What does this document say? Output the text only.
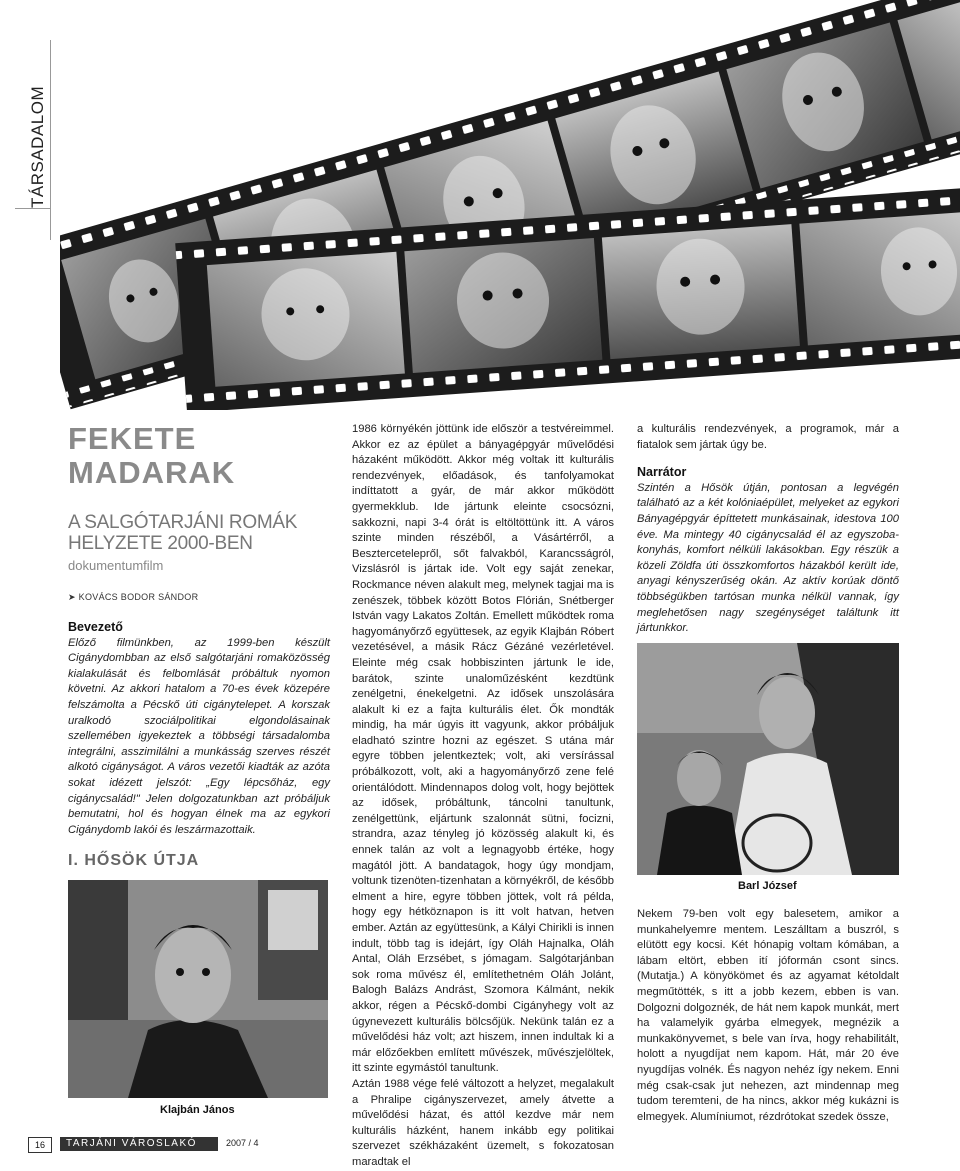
TÁRSADALOM
FEKETE MADARAK
A SALGÓTARJÁNI ROMÁK HELYZETE 2000-BEN
dokumentumfilm
➤ KOVÁCS BODOR SÁNDOR

Bevezető

Előző filmünkben, az 1999-ben készült Cigánydombban az első salgótarjáni romaközösség kialakulását és felbomlását próbáltuk nyomon követni. Az akkori hatalom a 70-es évek közepére felszámolta a Pécskő úti cigánytelepet. A korszak uralkodó szociálpolitikai elgondolásainak szellemében igyekeztek a többségi társadalomba integrálni, asszimilálni a munkásság szerves részét alkotó cigányságot. A város vezetői kiadták az azóta sokat idézett jelszót: „Egy lépcsőház, egy cigánycsalád!" Jelen dolgozatunkban azt próbáljuk bemutatni, hol és hogyan élnek ma az egykori Cigánydomb lakói és leszármazottaik.

I. HŐSÖK ÚTJA
Klajbán János

1986 környékén jöttünk ide először a testvéreimmel. Akkor ez az épület a bányagépgyár művelődési házaként működött. Akkor még voltak itt kulturális rendezvények, előadások, és tanfolyamokat indíttatott a gyár, de már akkor működött gyermekklub. Ide jártunk eleinte csocsózni, sakkozni, napi 3-4 órát is eltöltöttünk itt. A város szinte minden részéből, a Vásártérről, a Besztercetelepről, sőt falvakból, Karancsságról, Vizslásról is jártak ide. Volt egy saját zenekar, Rockmance néven alakult meg, melynek tagjai ma is zenészek, többek között Botos Flórián, Snétberger István vagy Lakatos Zoltán. Emellett működtek roma hagyományőrző együttesek, az egyik Klajbán Róbert vezetésével, a másik Rácz Gézáné vezérletével. Eleinte még csak hobbiszinten jártunk le ide, barátok, szinte unaloműzésként kezdtünk zenélgetni, énekelgetni. Az idősek unszolására alakult ki ez a fajta kulturális élet. Ők mondták mindig, ha már úgyis itt vagyunk, akkor próbáljuk eladható szintre hozni az egészet. S utána már egyre többen jelentkeztek; volt, aki versírással próbálkozott, volt, aki a hagyományőrző zene felé orientálódott. Mindennapos dolog volt, hogy bejöttek az idősek, próbáltunk, táncolni tanultunk, zenélgettünk, eljártunk szalonnát sütni, focizni, strandra, azaz tényleg jó közösség alakult ki, és ennek talán az volt a legnagyobb értéke, hogy magától jött. A bandatagok, hogy úgy mondjam, voltunk tizenöten-tizenhatan a környékről, de később elment a hire, egyre többen jöttek, volt rá példa, hogy egy hétköznapon is itt volt hatvan, hetven ember. Aztán az együttesünk, a Kályi Chirikli is innen indult, több tag is idejárt, így Oláh Hajnalka, Oláh Antal, Oláh Erzsébet, s jómagam. Salgótarjánban sok roma művész él, említethetném Oláh Jolánt, Balogh Balázs Andrást, Szomora Kálmánt, nekik akkor, régen a Pécskő-dombi Cigányhegy volt az úgynevezett kulturális bölcsőjük. Nekünk talán ez a művelődési ház volt; azt hiszem, innen indultak ki a már előzőekben említett művészek, művészjelöltek, itt szinte egymástól tanultunk.

Aztán 1988 vége felé változott a helyzet, megalakult a Phralipe cigányszervezet, amely átvette a művelődési házat, és attól kezdve már nem kulturális házként, hanem inkább egy politikai szervezet székházaként üzemelt, s fokozatosan maradtak el

a kulturális rendezvények, a programok, már a fiatalok sem jártak úgy be.

Narrátor

Szintén a Hősök útján, pontosan a legvégén található az a két kolóniaépület, melyeket az egykori Bányagépgyár építtetett munkásainak, idestova 100 éve. Ma mintegy 40 cigánycsalád él az egyszoba-konyhás, komfort nélküli lakásokban. Egy részük a közeli Zöldfa úti összkomfortos házakból került ide, anyagi kényszerűség okán. Az aktív korúak döntő többségükben tartósan munka nélkül vannak, így meglehetősen nagy szegénységet találtunk itt jártunkkor.

Barl József

Nekem 79-ben volt egy balesetem, amikor a munkahelyemre mentem. Leszálltam a buszról, s elütött egy kocsi. Két hónapig voltam kómában, a lábam eltört, ebben ití jóformán csont sincs. (Mutatja.) A könyökömet és az agyamat kétoldalt megműtötték, s itt a jobb kezem, ebben is van. Dolgozni dolgoznék, de hát nem kapok munkát, mert ha valamelyik gyárba elmegyek, megnézik a munkakönyvemet, s bele van írva, hogy rehabilitált, holott a nyugdíjat nem kapom. Hát, már 20 éve nyugdíjas volnék. És nagyon nehéz így nekem. Enni még csak-csak jut nehezen, azt mindennap meg tudom teremteni, de ha nincs, akkor még kukázni is elmegyek. Alumíniumot, rézdrótokat szedek össze,

16	TARJÁNI VÁROSLAKÓ	2007 / 4
